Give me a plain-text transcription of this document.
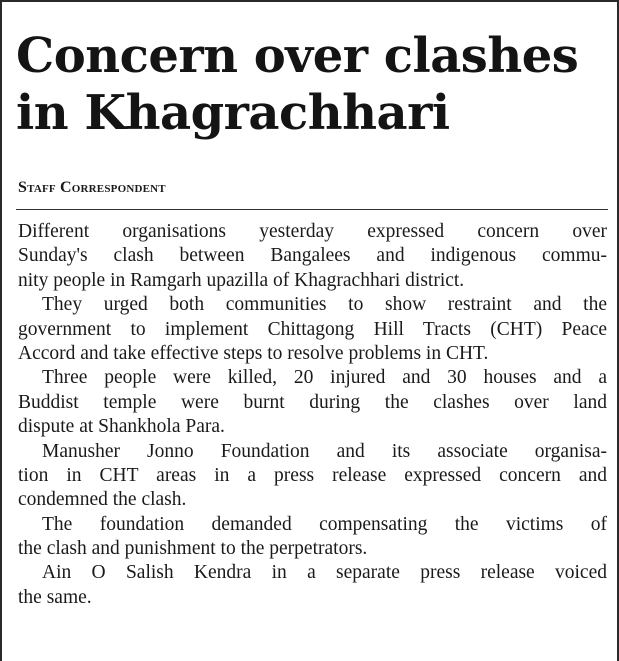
Concern over clashes
in Khagrachhari
Staff Correspondent
Different organisations yesterday expressed concern over
Sunday's clash between Bangalees and indigenous commu-
nity people in Ramgarh upazilla of Khagrachhari district.
They urged both communities to show restraint and the
government to implement Chittagong Hill Tracts (CHT) Peace
Accord and take effective steps to resolve problems in CHT.
Three people were killed, 20 injured and 30 houses and a
Buddist temple were burnt during the clashes over land
dispute at Shankhola Para.
Manusher Jonno Foundation and its associate organisa-
tion in CHT areas in a press release expressed concern and
condemned the clash.
The foundation demanded compensating the victims of
the clash and punishment to the perpetrators.
Ain O Salish Kendra in a separate press release voiced
the same.
